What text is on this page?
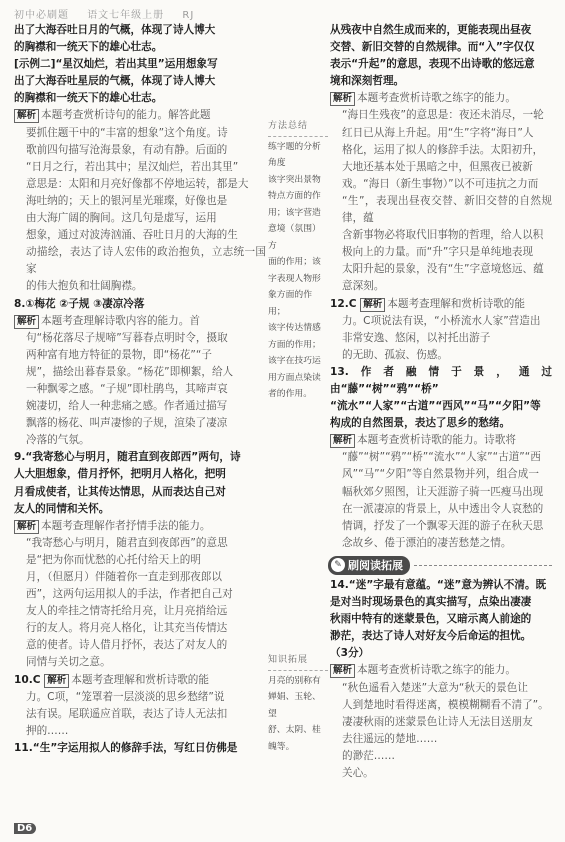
初中必刷题 语文七年级上册 RJ
出了大海吞吐日月的气概，体现了诗人博大
的胸襟和一统天下的雄心壮志。
[示例二]“星汉灿烂，若出其里”运用想象写
出了大海吞吐星辰的气概，体现了诗人博大
的胸襟和一统天下的雄心壮志。
解析 本题考查赏析诗句的能力。解答此题
要抓住题干中的“丰富的想象”这个角度。诗
歌前四句描写沧海景象，有动有静。后面的
“日月之行，若出其中；星汉灿烂，若出其里”
意思是：太阳和月亮好像都不停地运转，都是大
海吐纳的；天上的银河星光璀璨，好像也是
由大海广阔的胸间。这几句是虚写，运用
想象，通过对波涛汹涌、吞吐日月的大海的生
动描绘，表达了诗人宏伟的政治抱负，立志统一国家
的伟大抱负和壮阔胸襟。
8.①梅花 ②子规 ③凄凉冷落
解析 本题考查理解诗歌内容的能力。首
句“杨花落尽子规啼”写暮春点明时令，摄取
两种富有地方特征的景物，即“杨花”“子
规”，描绘出暮春景象。“杨花”即柳絮，给人
一种飘零之感。“子规”即杜鹃鸟，其啼声哀
婉凄切，给人一种悲痛之感。作者通过描写
飘落的杨花、叫声凄惨的子规，渲染了凄凉
冷落的气氛。
9.“我寄愁心与明月，随君直到夜郎西”两句，诗
人大胆想象，借月抒怀，把明月人格化，把明
月看成使者，让其传达情思，从而表达自己对
友人的同情和关怀。
解析 本题考查理解作者抒情手法的能力。
“我寄愁心与明月，随君直到夜郎西”的意思
是“把为你而忧愁的心托付给天上的明
月，（但愿月）伴随着你一直走到那夜郎以
西”，这两句运用拟人的手法，作者把自己对
友人的牵挂之情寄托给月亮，让月亮捎给远
行的友人。将月亮人格化，让其充当传情达
意的使者。诗人借月抒怀，表达了对友人的
同情与关切之意。
10.C 解析 本题考查理解和赏析诗歌的能
力。C项，“笼罩着一层淡淡的思乡愁绪”说
法有误。尾联遥应首联，表达了诗人无法扣
押的……
11.“生”字运用拟人的修辞手法，写红日仿佛是
从残夜中自然生成而来的，更能表现出昼夜
交替、新旧交替的自然规律。而“入”字仅仅
表示“升起”的意思，表现不出诗歌的悠远意
境和深刻哲理。
解析 本题考查赏析诗歌之练字的能力。
“海日生残夜”的意思是：夜还未消尽，一轮
红日已从海上升起。用“生”字将“海日”人
格化，运用了拟人的修辞手法。太阳初升，
大地还基本处于黑暗之中，但黑夜已被新
戏。“海日（新生事物）”以不可违抗之力而
“生”，表现出昼夜交替、新旧交替的自然规律，蕴
含新事物必将取代旧事物的哲理，给人以积
极向上的力量。而“升”字只是单纯地表现
太阳升起的景象，没有“生”字意境悠远、蕴
意深刻。
12.C 解析 本题考查理解和赏析诗歌的能
力。C项说法有误，“小桥流水人家”营造出
非常安逸、悠闲，以衬托出游子
的无助、孤寂、伤感。
13.作者融情于景，通过由“藤”“树”“鸦”“桥”
“流水”“人家”“古道”“西风”“马”“夕阳”等
构成的自然图景，表达了思乡的愁绪。
解析 本题考查赏析诗歌的能力。诗歌将
“藤”“树”“鸦”“桥”“流水”“人家”“古道”“西
风”“马”“夕阳”等自然景物并列，组合成一
幅秋郊夕照图，让天涯游子骑一匹瘦马出现
在一派凄凉的背景上，从中透出令人哀愁的
情调，抒发了一个飘零天涯的游子在秋天思
念故乡、倦于漂泊的凄苦愁楚之情。
✎ 刷阅读拓展
14.“迷”字最有意蕴。“迷”意为辨认不清。既
是对当时现场景色的真实描写，点染出凄凄
秋雨中特有的迷蒙景色，又暗示离人前途的
渺茫，表达了诗人对好友今后命运的担忧。
（3分）
解析 本题考查赏析诗歌之练字的能力。
“秋色遥看入楚迷”大意为“秋天的景色让
人到楚地时看得迷离，模模糊糊看不清了”。
凄凄秋雨的迷蒙景色让诗人无法目送朋友
去往遥远的楚地……
的渺茫……
关心。
方法总结
练字题的分析
角度
该字突出景物
特点方面的作
用；该字营造
意境（氛围）方
面的作用；该
字表现人物形
象方面的作用；
该字传达情感
方面的作用；
该字在技巧运
用方面点染读
者的作用。
知识拓展
月亮的别称有
婵娟、玉轮、望
舒、太阴、桂
魄等。
D6
